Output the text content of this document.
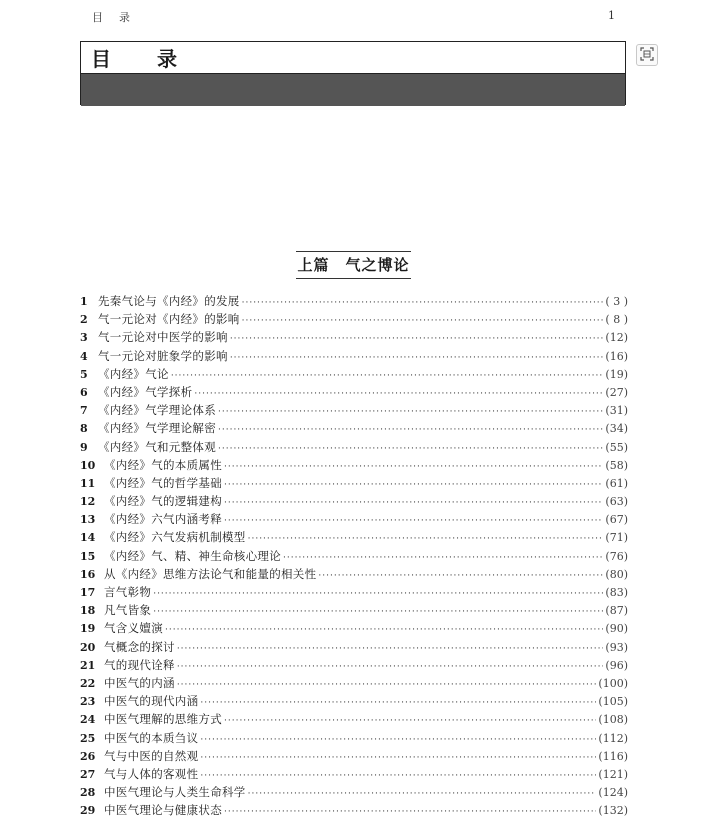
目录	1
目录
上篇　气之博论
1 先秦气论与《内经》的发展 ·····	( 3 )
2 气一元论对《内经》的影响 ·····	( 8 )
3 气一元论对中医学的影响 ·····	(12)
4 气一元论对脏象学的影响 ·····	(16)
5 《内经》气论 ·····	(19)
6 《内经》气学探析 ·····	(27)
7 《内经》气学理论体系 ·····	(31)
8 《内经》气学理论解密 ·····	(34)
9 《内经》气和元整体观 ·····	(55)
10 《内经》气的本质属性 ·····	(58)
11 《内经》气的哲学基础 ·····	(61)
12 《内经》气的逻辑建构 ·····	(63)
13 《内经》六气内涵考释 ·····	(67)
14 《内经》六气发病机制模型 ·····	(71)
15 《内经》气、精、神生命核心理论 ·····	(76)
16 从《内经》思维方法论气和能量的相关性 ·····	(80)
17 言气彰物 ·····	(83)
18 凡气皆象 ·····	(87)
19 气含义嬗演 ·····	(90)
20 气概念的探讨 ·····	(93)
21 气的现代诠释 ·····	(96)
22 中医气的内涵 ·····	(100)
23 中医气的现代内涵 ·····	(105)
24 中医气理解的思维方式 ·····	(108)
25 中医气的本质刍议 ·····	(112)
26 气与中医的自然观 ·····	(116)
27 气与人体的客观性 ·····	(121)
28 中医气理论与人类生命科学 ·····	(124)
29 中医气理论与健康状态 ·····	(132)
